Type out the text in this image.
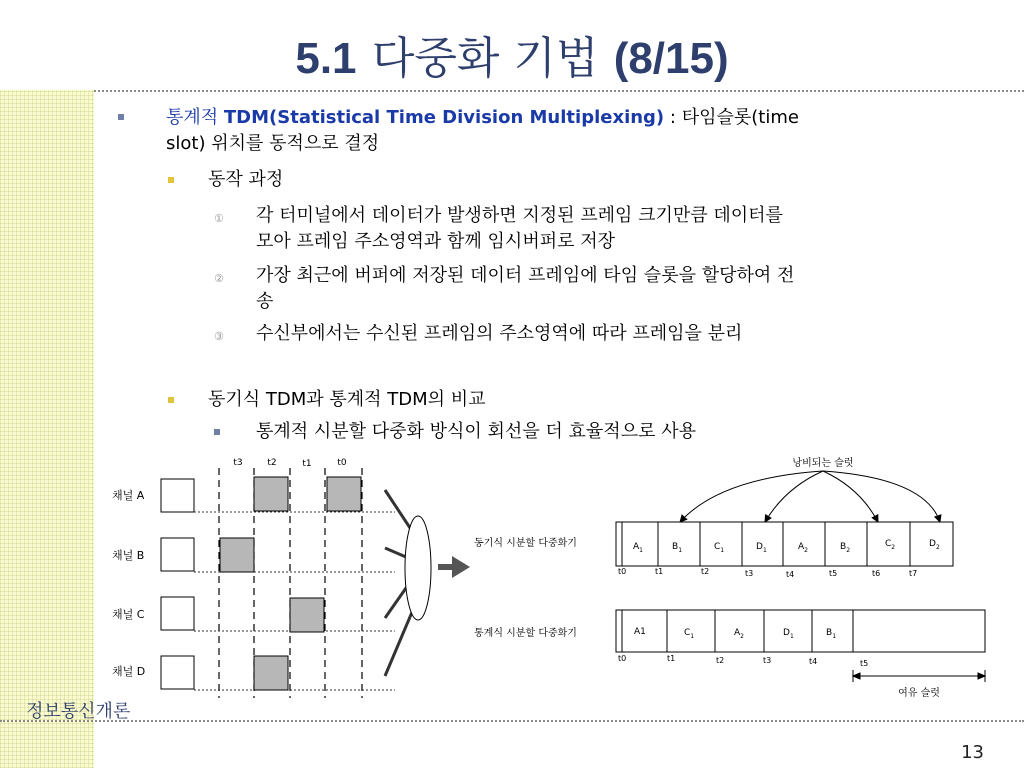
5.1 다중화 기법 (8/15)
통계적 TDM(Statistical Time Division Multiplexing) : 타임슬롯(time
slot) 위치를 동적으로 결정
동작 과정
① 각 터미널에서 데이터가 발생하면 지정된 프레임 크기만큼 데이터를
모아 프레임 주소영역과 함께 임시버퍼로 저장
② 가장 최근에 버퍼에 저장된 데이터 프레임에 타임 슬롯을 할당하여 전
송
③ 수신부에서는 수신된 프레임의 주소영역에 따라 프레임을 분리
동기식 TDM과 통계적 TDM의 비교
통계적 시분할 다중화 방식이 회선을 더 효율적으로 사용
t3	t2	t1	t0
채널 A
채널 B
채널 C
채널 D
낭비되는 슬럿
동기식 시분할 다중화기	$A_1$	$B_1$	$C_1$	$D_1$	$A_2$	$B_2$
$C_2$	$D_2$
t0	t1	t2	t3	t4	t5	t6	t7
통계식 시분할 다중화기	A1	$C_1$	$A_2$	$D_1$	$B_1$
t0	t1	t2	t3	t4	t5
여유 슬럿
정보통신개론
13
